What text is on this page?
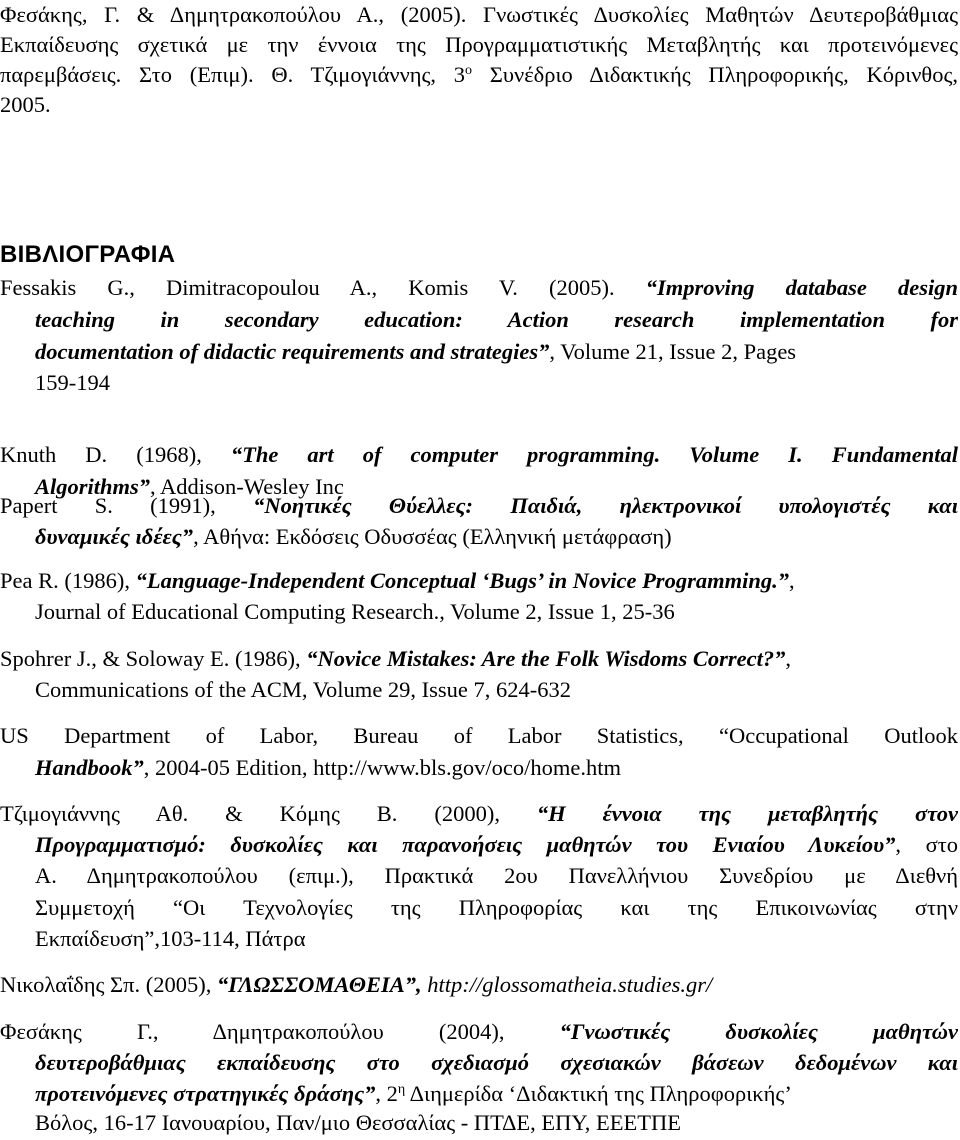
Φεσάκης, Γ. & Δημητρακοπούλου Α., (2005). Γνωστικές Δυσκολίες Μαθητών Δευτεροβάθμιας
Εκπαίδευσης σχετικά με την έννοια της Προγραμματιστικής Μεταβλητής και προτεινόμενες
παρεμβάσεις. Στο (Επιμ). Θ. Τζιμογιάννης, $3^o$ Συνέδριο Διδακτικής Πληροφορικής, Κόρινθος,
2005.
ΒΙΒΛΙΟΓΡΑΦΙΑ
Fessakis G., Dimitracopoulou A., Komis V. (2005). “Improving database design
teaching in secondary education: Action research implementation for
documentation of didactic requirements and strategies”, Volume 21, Issue 2, Pages
159-194
Knuth D. (1968), “The art of computer programming. Volume I. Fundamental
Algorithms”, Addison-Wesley Inc
Papert S. (1991), “Νοητικές Θύελλες: Παιδιά, ηλεκτρονικοί υπολογιστές και
δυναμικές ιδέες”, Αθήνα: Εκδόσεις Οδυσσέας (Ελληνική μετάφραση)
Pea R. (1986), “Language-Independent Conceptual ‘Bugs’ in Novice Programming.”,
Journal of Educational Computing Research., Volume 2, Issue 1, 25-36
Spohrer J., & Soloway E. (1986), “Novice Mistakes: Are the Folk Wisdoms Correct?”,
Communications of the ACM, Volume 29, Issue 7, 624-632
US Department of Labor, Bureau of Labor Statistics, “Occupational Outlook
Handbook”, 2004-05 Edition, http://www.bls.gov/oco/home.htm
Τζιμογιάννης Αθ. & Κόμης Β. (2000), “Η έννοια της μεταβλητής στον
Προγραμματισμό: δυσκολίες και παρανοήσεις μαθητών του Ενιαίου Λυκείου”, στο
Α. Δημητρακοπούλου (επιμ.), Πρακτικά 2ου Πανελλήνιου Συνεδρίου με Διεθνή
Συμμετοχή “Οι Τεχνολογίες της Πληροφορίας και της Επικοινωνίας στην
Εκπαίδευση”,103-114, Πάτρα
Νικολαΐδης Σπ. (2005), “ΓΛΩΣΣΟΜΑΘΕΙΑ”, http://glossomatheia.studies.gr/
Φεσάκης Γ., Δημητρακοπούλου (2004), “Γνωστικές δυσκολίες μαθητών
δευτεροβάθμιας εκπαίδευσης στο σχεδιασμό σχεσιακών βάσεων δεδομένων και
προτεινόμενες στρατηγικές δράσης”, $2^\eta$ Διημερίδα ‘Διδακτική της Πληροφορικής’
Βόλος, 16-17 Ιανουαρίου, Παν/μιο Θεσσαλίας - ΠΤΔΕ, ΕΠΥ, ΕΕΕΤΠΕ
